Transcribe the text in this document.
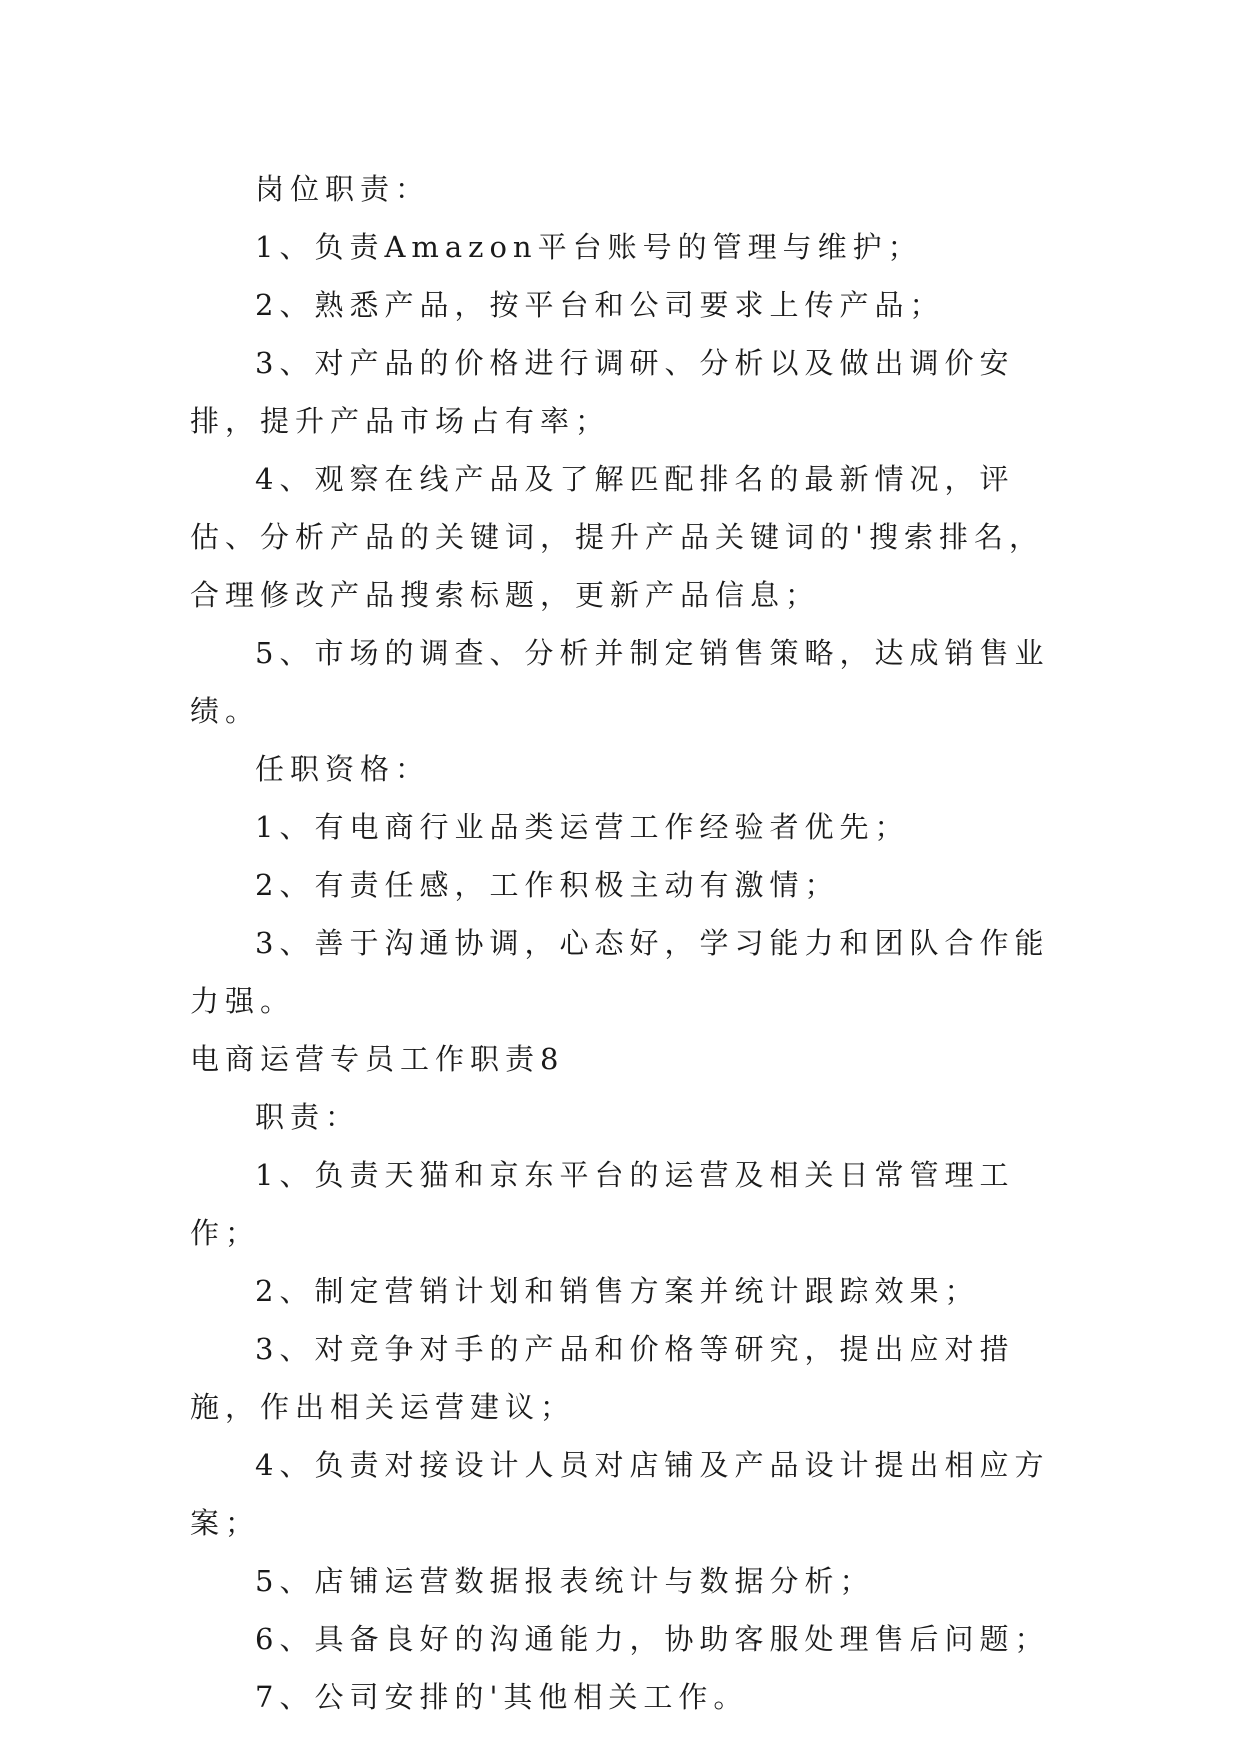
岗位职责：

1、负责Amazon平台账号的管理与维护；

2、熟悉产品，按平台和公司要求上传产品；

3、对产品的价格进行调研、分析以及做出调价安排，提升产品市场占有率；

4、观察在线产品及了解匹配排名的最新情况，评估、分析产品的关键词，提升产品关键词的'搜索排名，合理修改产品搜索标题，更新产品信息；

5、市场的调查、分析并制定销售策略，达成销售业绩。

任职资格：

1、有电商行业品类运营工作经验者优先；

2、有责任感，工作积极主动有激情；

3、善于沟通协调，心态好，学习能力和团队合作能力强。

电商运营专员工作职责8

职责：

1、负责天猫和京东平台的运营及相关日常管理工作；

2、制定营销计划和销售方案并统计跟踪效果；

3、对竞争对手的产品和价格等研究，提出应对措施，作出相关运营建议；

4、负责对接设计人员对店铺及产品设计提出相应方案；

5、店铺运营数据报表统计与数据分析；

6、具备良好的沟通能力，协助客服处理售后问题；

7、公司安排的'其他相关工作。
